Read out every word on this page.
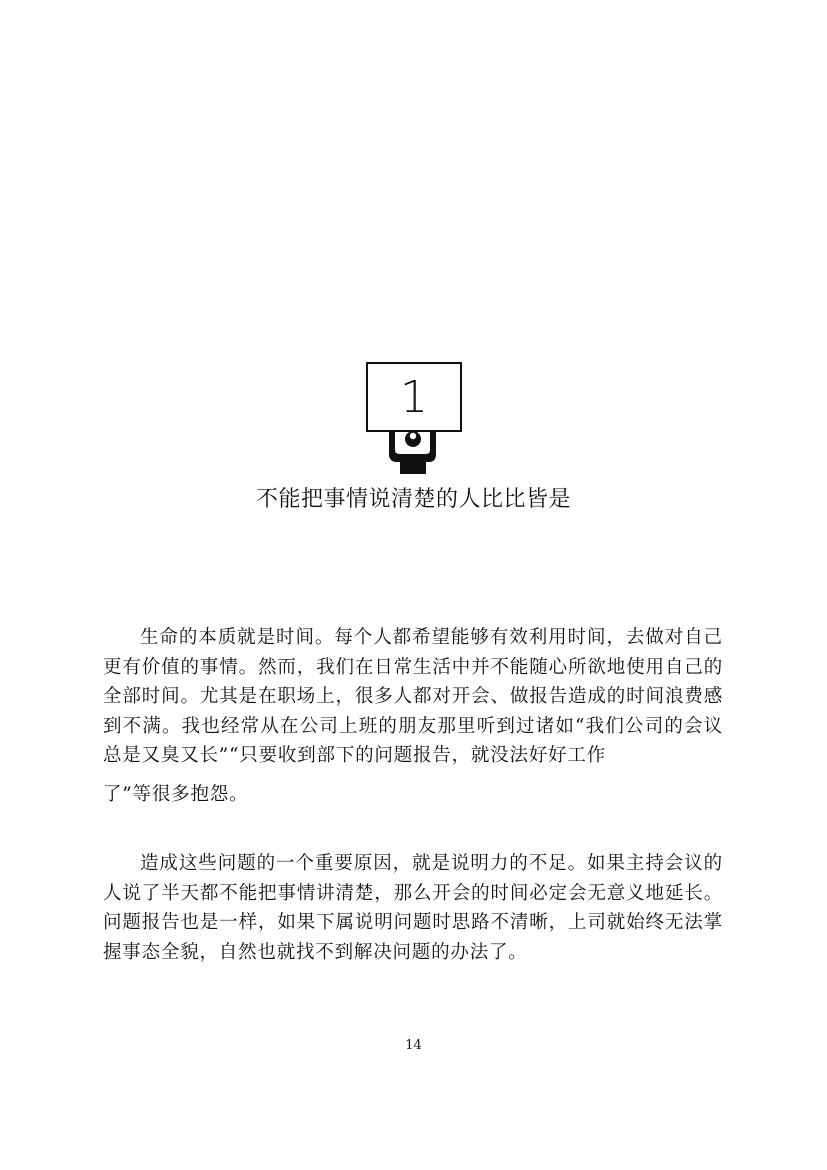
1
不能把事情说清楚的人比比皆是

生命的本质就是时间。每个人都希望能够有效利用时间，去做对自己更有价值的事情。然而，我们在日常生活中并不能随心所欲地使用自己的全部时间。尤其是在职场上，很多人都对开会、做报告造成的时间浪费感到不满。我也经常从在公司上班的朋友那里听到过诸如“我们公司的会议总是又臭又长”“只要收到部下的问题报告，就没法好好工作
了”等很多抱怨。

造成这些问题的一个重要原因，就是说明力的不足。如果主持会议的人说了半天都不能把事情讲清楚，那么开会的时间必定会无意义地延长。问题报告也是一样，如果下属说明问题时思路不清晰，上司就始终无法掌握事态全貌，自然也就找不到解决问题的办法了。

14
